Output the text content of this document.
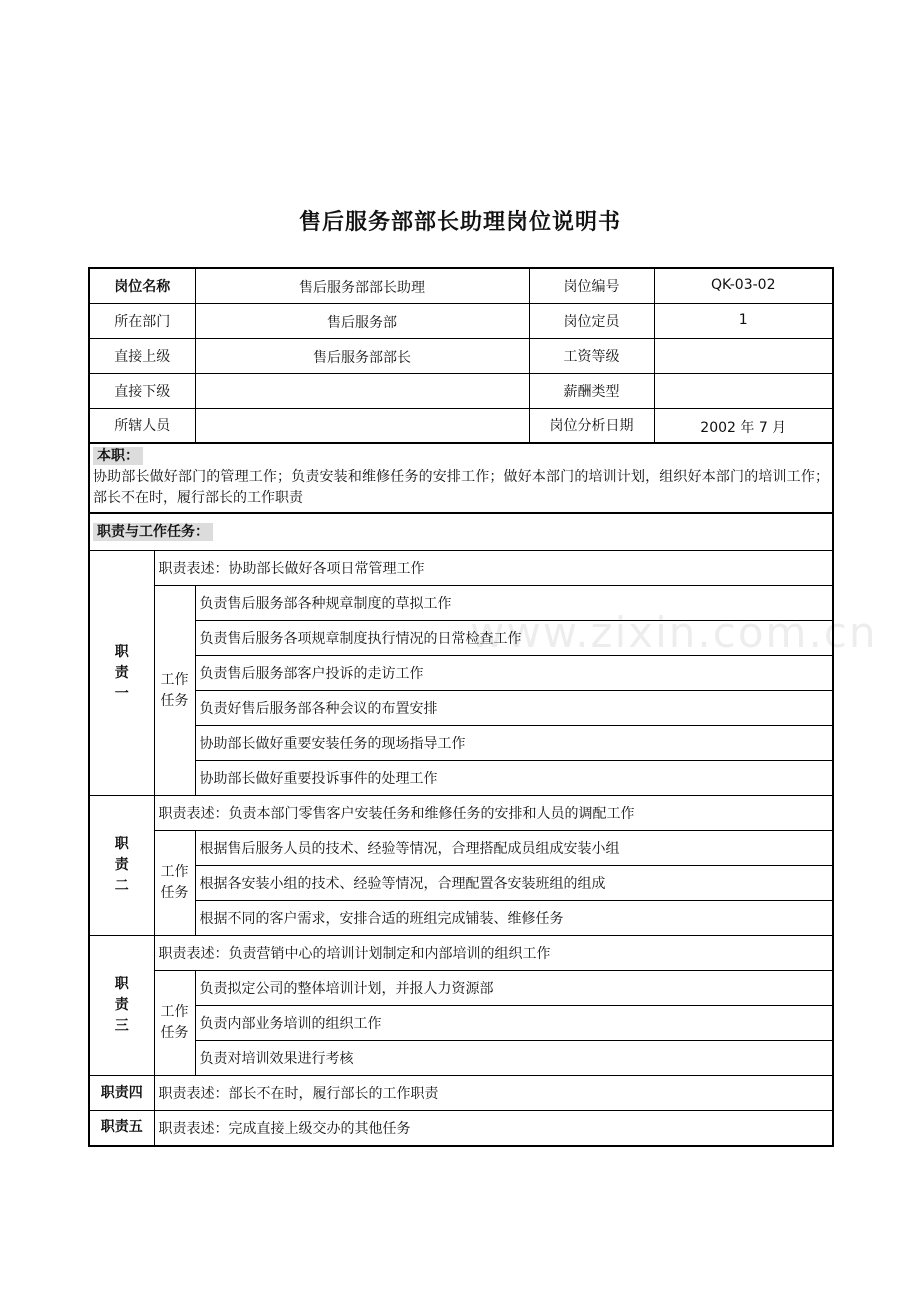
售后服务部部长助理岗位说明书
www.zixin.com.cn
岗位名称		售后服务部部长助理	岗位编号	QK-03-02
所在部门		售后服务部	岗位定员	1
直接上级		售后服务部部长	工资等级	
直接下级			薪酬类型	
所辖人员			岗位分析日期	2002 年 7 月
本职：
协助部长做好部门的管理工作；负责安装和维修任务的安排工作；做好本部门的培训计划，组织好本部门的培训工作；部长不在时，履行部长的工作职责				
职责与工作任务：				
职责一	职责表述：协助部长做好各项日常管理工作			
	工作任务	负责售后服务部各种规章制度的草拟工作		
		负责售后服务各项规章制度执行情况的日常检查工作		
		负责售后服务部客户投诉的走访工作		
		负责好售后服务部各种会议的布置安排		
		协助部长做好重要安装任务的现场指导工作		
		协助部长做好重要投诉事件的处理工作		
职责二	职责表述：负责本部门零售客户安装任务和维修任务的安排和人员的调配工作			
	工作任务	根据售后服务人员的技术、经验等情况，合理搭配成员组成安装小组		
		根据各安装小组的技术、经验等情况，合理配置各安装班组的组成		
		根据不同的客户需求，安排合适的班组完成铺装、维修任务		
职责三	职责表述：负责营销中心的培训计划制定和内部培训的组织工作			
	工作任务	负责拟定公司的整体培训计划，并报人力资源部		
		负责内部业务培训的组织工作		
		负责对培训效果进行考核		
职责四	职责表述：部长不在时，履行部长的工作职责			
职责五	职责表述：完成直接上级交办的其他任务			
